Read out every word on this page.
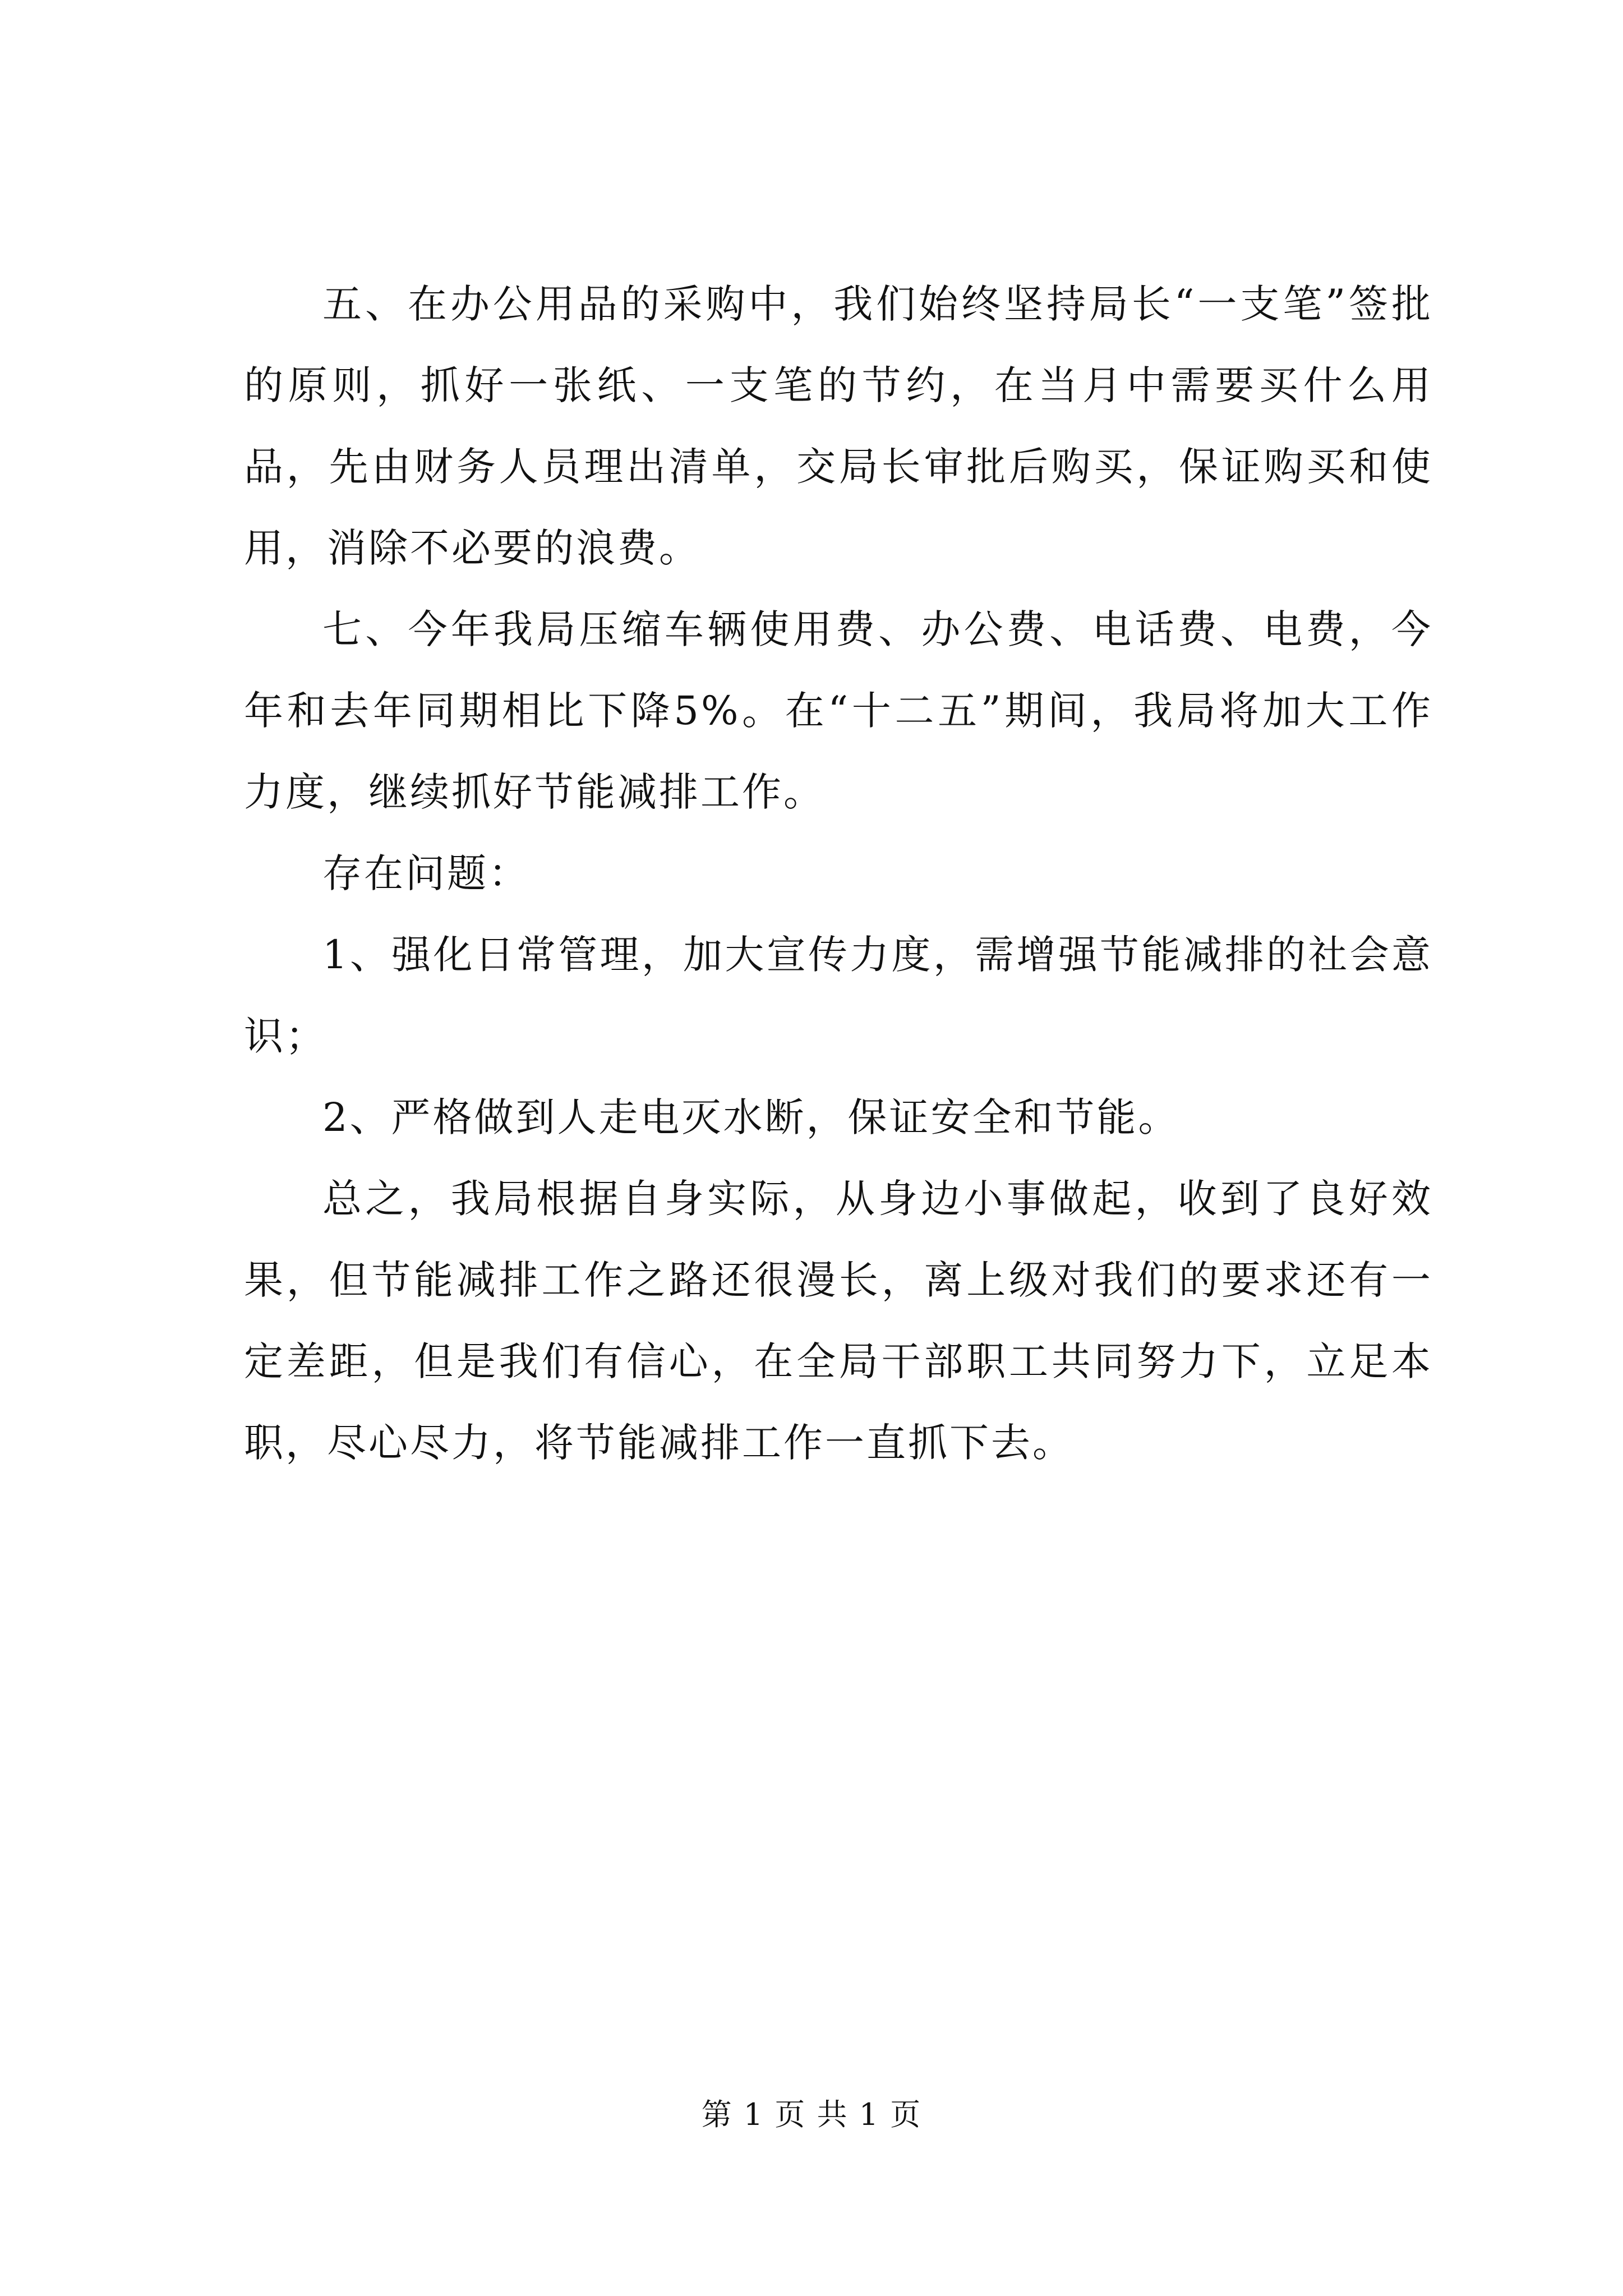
五、在办公用品的采购中，我们始终坚持局长“一支笔”签批的原则，抓好一张纸、一支笔的节约，在当月中需要买什么用品，先由财务人员理出清单，交局长审批后购买，保证购买和使用，消除不必要的浪费。

七、今年我局压缩车辆使用费、办公费、电话费、电费，今年和去年同期相比下降5%。在“十二五”期间，我局将加大工作力度，继续抓好节能减排工作。

存在问题：

1、强化日常管理，加大宣传力度，需增强节能减排的社会意识；

2、严格做到人走电灭水断，保证安全和节能。

总之，我局根据自身实际，从身边小事做起，收到了良好效果，但节能减排工作之路还很漫长，离上级对我们的要求还有一定差距，但是我们有信心，在全局干部职工共同努力下，立足本职，尽心尽力，将节能减排工作一直抓下去。

第 1 页 共 1 页
